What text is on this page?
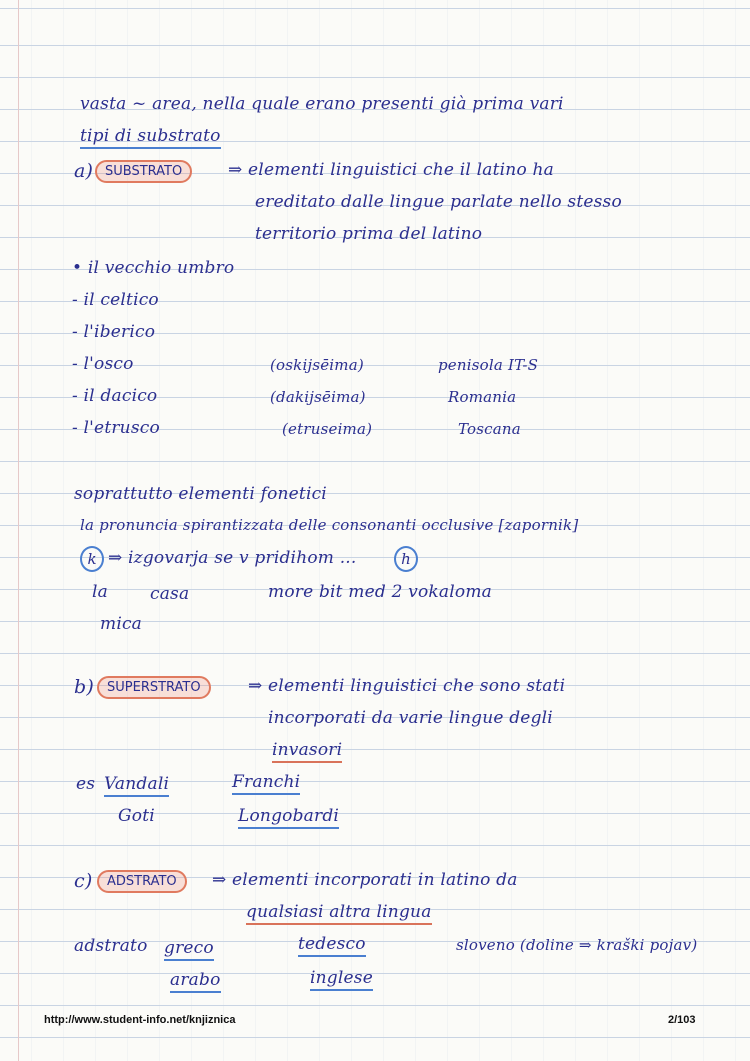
vasta ~ area, nella quale erano presenti già prima vari
tipi di substrato
a) SUBSTRATO	⇒ elementi linguistici che il latino ha
ereditato dalle lingue parlate nello stesso
territorio prima del latino
• il vecchio umbro
- il celtico
- l'iberico
- l'osco	(oskijsēima)	penisola IT-S
- il dacico	(dakijsēima)	Romania
- l'etrusco	(etruseima)	Toscana
soprattutto elementi fonetici
la pronuncia spirantizzata delle consonanti occlusive [zapornik]
k ⇒ izgovarja se v pridihom ...	h
la casa	more bit med 2 vokaloma
mica
b)	SUPERSTRATO	⇒ elementi linguistici che sono stati
incorporati da varie lingue degli
invasori
es Vandali	Franchi
Goti	Longobardi
c)	ADSTRATO	⇒ elementi incorporati in latino da
qualsiasi altra lingua
adstrato greco	tedesco	sloveno (doline ⇒ kraški pojav)
arabo	inglese
http://www.student-info.net/knjiznica	2/103
